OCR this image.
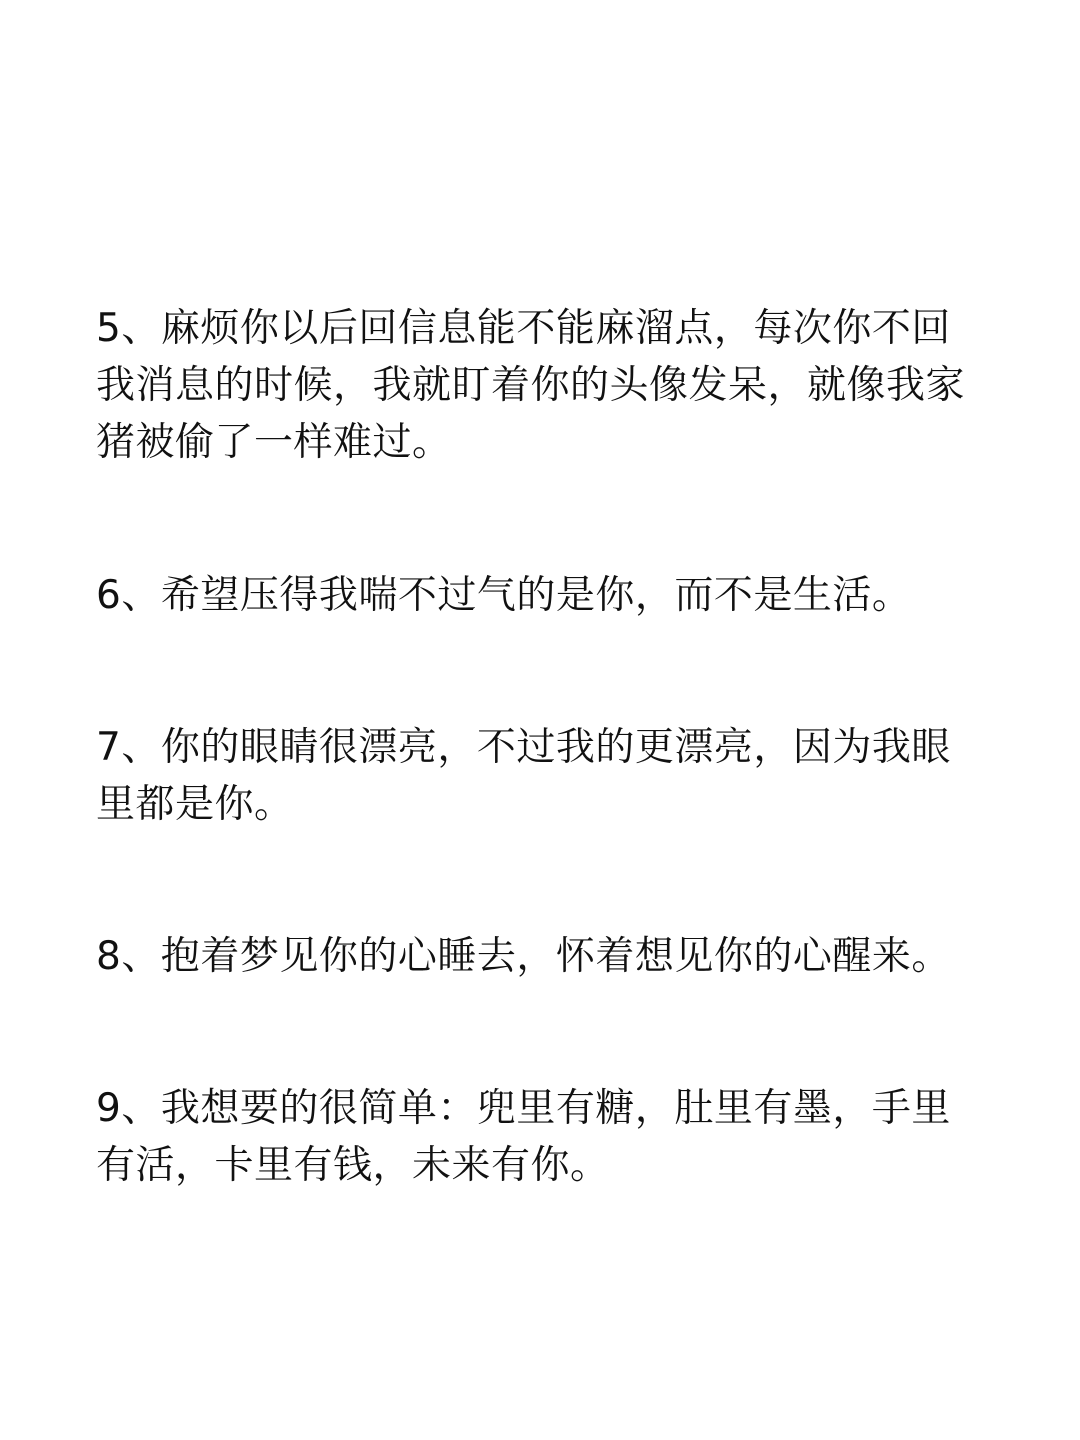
5、麻烦你以后回信息能不能麻溜点，每次你不回
我消息的时候，我就盯着你的头像发呆，就像我家
猪被偷了一样难过。

6、希望压得我喘不过气的是你，而不是生活。

7、你的眼睛很漂亮，不过我的更漂亮，因为我眼
里都是你。

8、抱着梦见你的心睡去，怀着想见你的心醒来。

9、我想要的很简单：兜里有糖，肚里有墨，手里
有活，卡里有钱，未来有你。
